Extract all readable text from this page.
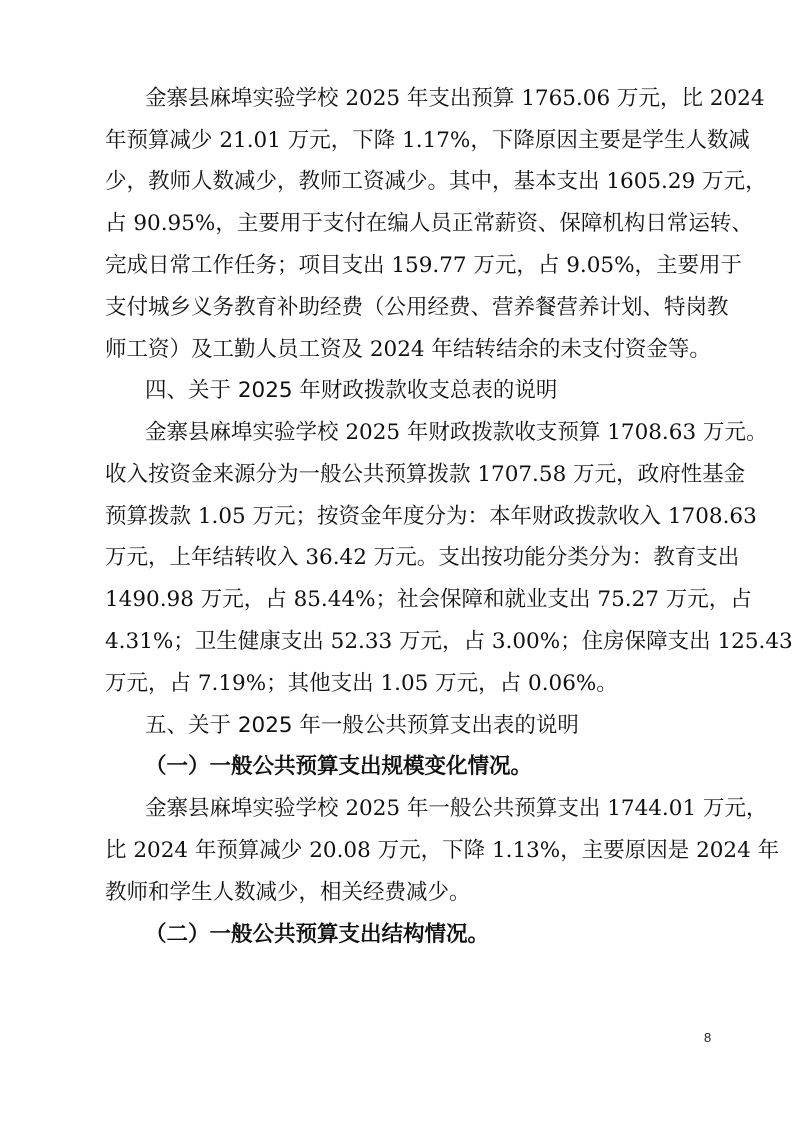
金寨县麻埠实验学校 2025 年支出预算 1765.06 万元，比 2024
年预算减少 21.01 万元，下降 1.17%，下降原因主要是学生人数减
少，教师人数减少，教师工资减少。其中，基本支出 1605.29 万元，
占 90.95%，主要用于支付在编人员正常薪资、保障机构日常运转、
完成日常工作任务；项目支出 159.77 万元，占 9.05%，主要用于
支付城乡义务教育补助经费（公用经费、营养餐营养计划、特岗教
师工资）及工勤人员工资及 2024 年结转结余的未支付资金等。
四、关于 2025 年财政拨款收支总表的说明
金寨县麻埠实验学校 2025 年财政拨款收支预算 1708.63 万元。
收入按资金来源分为一般公共预算拨款 1707.58 万元，政府性基金
预算拨款 1.05 万元；按资金年度分为：本年财政拨款收入 1708.63
万元，上年结转收入 36.42 万元。支出按功能分类分为：教育支出
1490.98 万元，占 85.44%；社会保障和就业支出 75.27 万元，占
4.31%；卫生健康支出 52.33 万元，占 3.00%；住房保障支出 125.43
万元，占 7.19%；其他支出 1.05 万元，占 0.06%。
五、关于 2025 年一般公共预算支出表的说明
（一）一般公共预算支出规模变化情况。
金寨县麻埠实验学校 2025 年一般公共预算支出 1744.01 万元，
比 2024 年预算减少 20.08 万元，下降 1.13%，主要原因是 2024 年
教师和学生人数减少，相关经费减少。
（二）一般公共预算支出结构情况。
8
